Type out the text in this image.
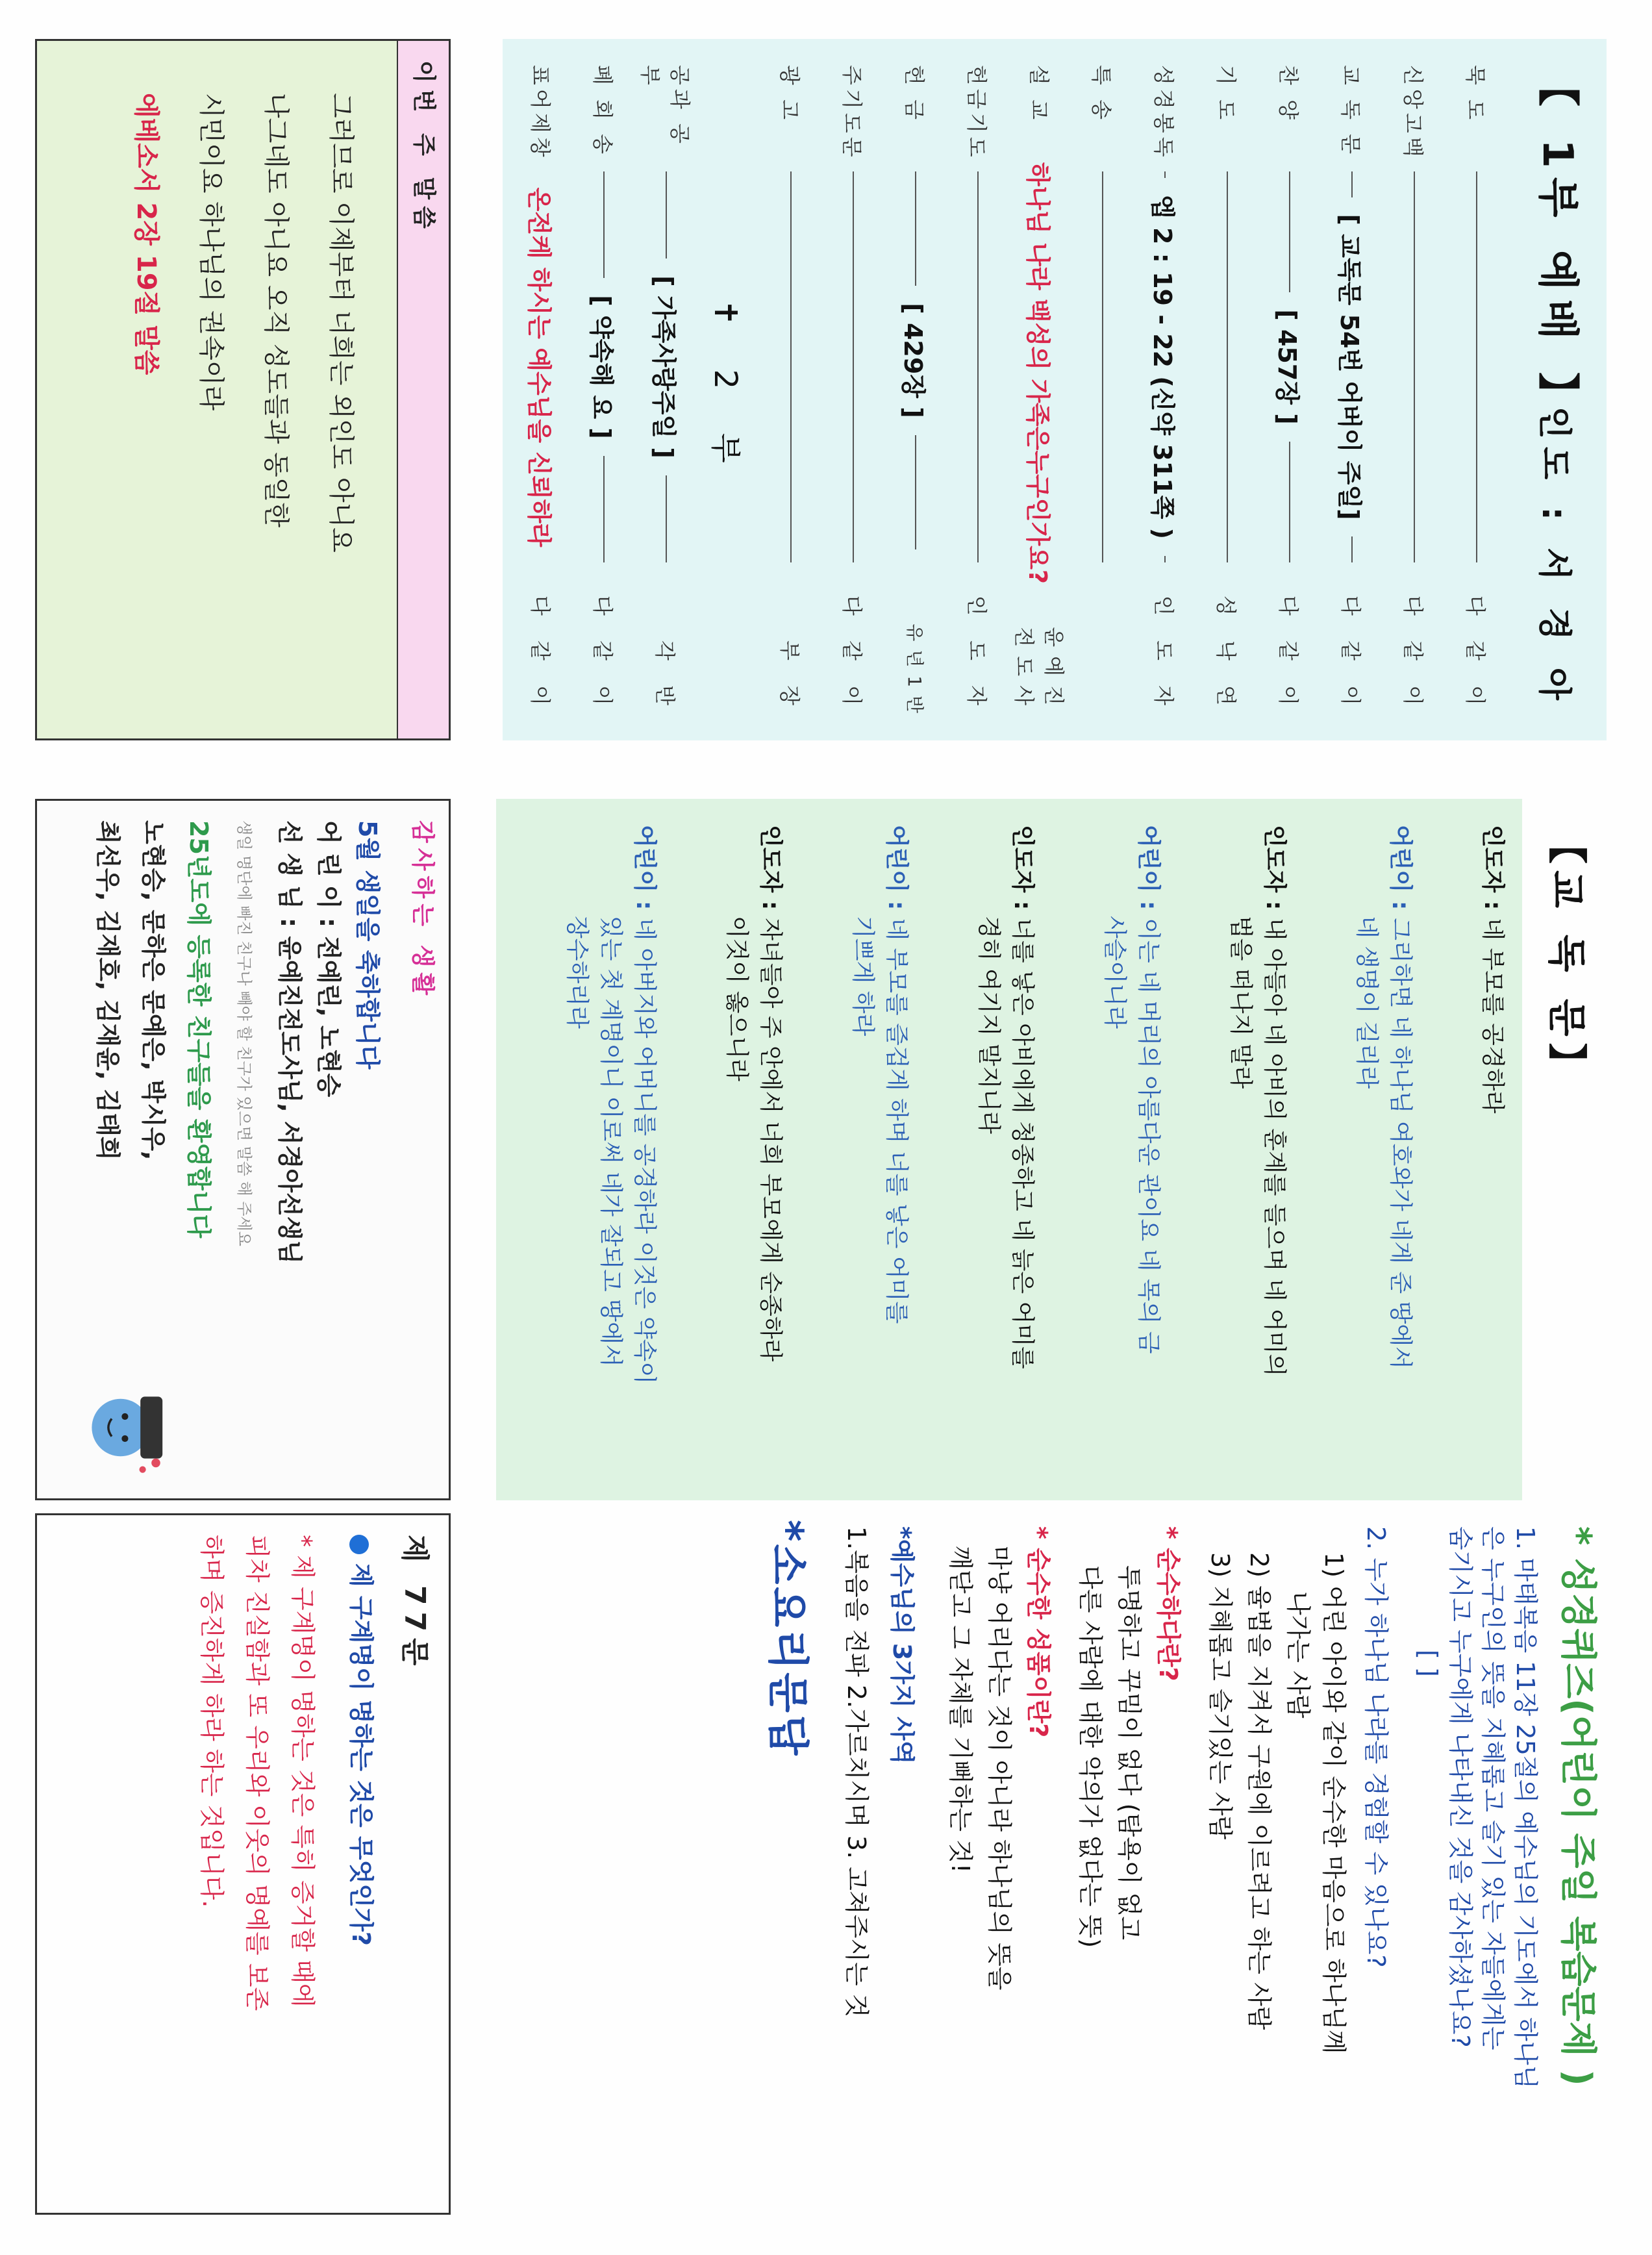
【 1부 예배 】
인도 : 서 경 아
묵 도
다 같 이
신앙고백
다 같 이
교 독 문
[ 교독문 54번 어버이 주일]
다 같 이
찬 양
[ 457장 ]
다 같 이
기 도
성 낙 연
성경봉독
엡 2 : 19 - 22 (신약 311쪽 )
인 도 자
특 송
설 교
하나님 나라 백성의 가족은누구인가요?
윤예진전도사
헌금기도
인 도 자
헌 금
[ 429장 ]
유 년 1 반
주기도문
다 같 이
광 고
부 장
✝ 2 부
공과 공부
[ 가족사랑주일 ]
각 반
폐 회 송
[ 약속해 요 ]
다 같 이
표어제창
온전케 하시는 예수님을 신뢰하라
다 같 이
이번 주 말씀
그러므로 이제부터 너희는 외인도 아니요
나그네도 아니요 오직 성도들과 동일한
시민이요 하나님의 권속이라
에베소서 2장 19절 말씀
【교 독 문】
인도자 :네 부모를 공경하라
어린이 :그리하면 네 하나님 여호와가 네게 준 땅에서
네 생명이 길리라
인도자 :내 아들아 네 아비의 훈계를 들으며 네 어미의
법을 떠나지 말라
어린이 :이는 네 머리의 아름다운 관이요 네 목의 금
사슬이니라
인도자 :너를 낳은 아비에게 청종하고 네 늙은 어미를
경히 여기지 말지니라
어린이 :네 부모를 즐겁게 하며 너를 낳은 어미를
기쁘게 하라
인도자 :자녀들아 주 안에서 너희 부모에게 순종하라
이것이 옳으니라
어린이 :네 아버지와 어머니를 공경하라 이것은 약속이
있는 첫 계명이니 이로써 네가 잘되고 땅에서
장수하리라
감사하는 생활
5월 생일을 축하합니다
어 린 이 : 전예린, 노현승
선 생 님 : 윤예진전도사님, 서경아선생님
생일 명단에 빠진 친구나 빼야 할 친구가 있으면 말씀 해 주세요
25년도에 등록한 친구들을 환영합니다
노현승, 문하은 문예은, 박시우,
최선우, 김재호, 김재윤, 김태희
* 성경퀴즈(어린이 주일 복습문제 )
1. 마태복음 11장 25절의 예수님의 기도에서 하나님
은 누구인의 뜻을 지혜롭고 슬기 있는 자들에게는
숨기시고 누구에게 나타내신 것을 감사하셨나요?
[ ]
2. 누가 하나님 나라를 경험할 수 있나요?
1) 어린 아이와 같이 순수한 마음으로 하나님께
나가는 사람
2) 율법을 지켜서 구원에 이르려고 하는 사람
3) 지혜롭고 슬기있는 사람
* 순수하다란?
투명하고 꾸밈이 없다 (탐욕이 없고
다른 사람에 대한 악의가 없다는 뜻)
* 순수한 성품이란?
마냥 어리다는 것이 아니라 하나님의 뜻을
깨닫고 그 자체를 기뻐하는 것!
*예수님의 3가지 사역
1.복음을 전파 2.가르치시며 3. 고쳐주시는 것
*소요리문답
제 77문
제 구계명이 명하는 것은 무엇인가?
* 제 구계명이 명하는 것은 특히 증거할 때에
피차 진실함과 또 우리와 이웃의 명예를 보존
하며 증진하게 하라 하는 것입니다.
